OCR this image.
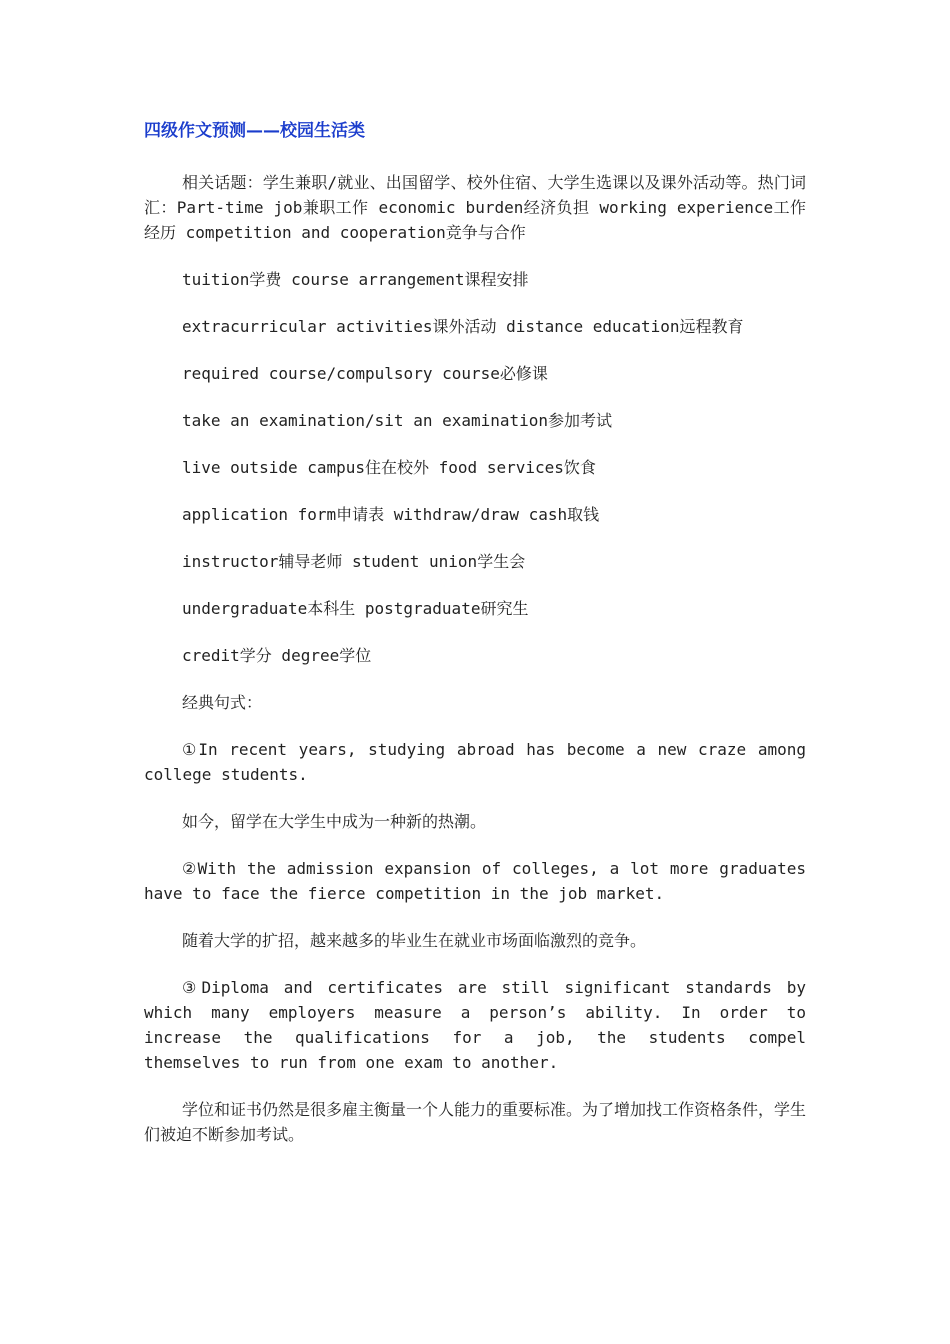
四级作文预测——校园生活类

相关话题：学生兼职/就业、出国留学、校外住宿、大学生选课以及课外活动等。热门词汇：Part-time job兼职工作 economic burden经济负担 working experience工作经历 competition and cooperation竞争与合作

tuition学费 course arrangement课程安排

extracurricular activities课外活动 distance education远程教育

required course/compulsory course必修课

take an examination/sit an examination参加考试

live outside campus住在校外 food services饮食

application form申请表 withdraw/draw cash取钱

instructor辅导老师 student union学生会

undergraduate本科生 postgraduate研究生

credit学分 degree学位

经典句式：

①In recent years, studying abroad has become a new craze among college students.

如今，留学在大学生中成为一种新的热潮。

②With the admission expansion of colleges, a lot more graduates have to face the fierce competition in the job market.

随着大学的扩招，越来越多的毕业生在就业市场面临激烈的竞争。

③Diploma and certificates are still significant standards by which many employers measure a person’s ability. In order to increase the qualifications for a job, the students compel themselves to run from one exam to another.

学位和证书仍然是很多雇主衡量一个人能力的重要标准。为了增加找工作资格条件，学生们被迫不断参加考试。
